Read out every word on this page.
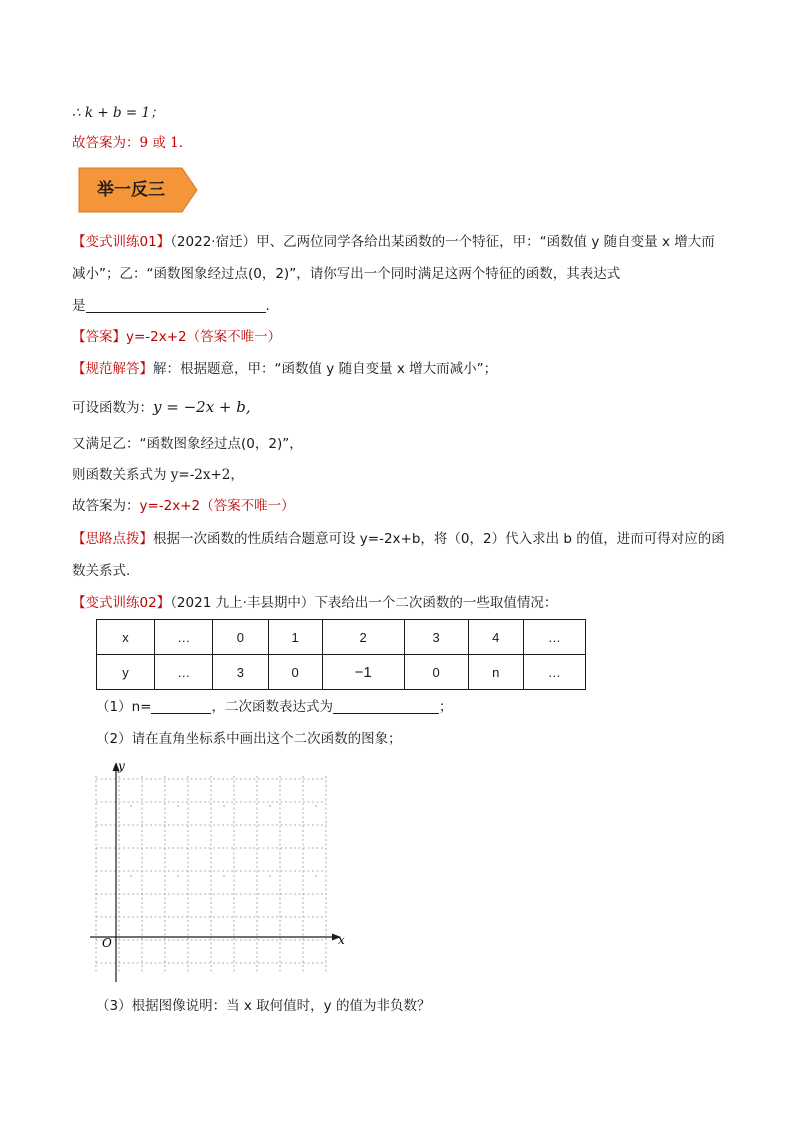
∴ k + b = 1；
故答案为：9 或 1.
举一反三
【变式训练01】（2022·宿迁）甲、乙两位同学各给出某函数的一个特征，甲：“函数值 y 随自变量 x 增大而
减小”；乙：“函数图象经过点(0，2)”，请你写出一个同时满足这两个特征的函数，其表达式
是	.
【答案】y=-2x+2（答案不唯一）
【规范解答】解：根据题意，甲：“函数值 y 随自变量 x 增大而减小”；
可设函数为：y = −2x + b,
又满足乙：“函数图象经过点(0，2)”，
则函数关系式为 y=-2x+2，
故答案为：y=-2x+2（答案不唯一）
【思路点拨】根据一次函数的性质结合题意可设 y=-2x+b，将（0，2）代入求出 b 的值，进而可得对应的函
数关系式.
【变式训练02】（2021 九上·丰县期中）下表给出一个二次函数的一些取值情况：
x	…	0	1	2	3	4	…
y	…	3	0	−1	0	n	…
（1）n=	，二次函数表达式为	；
（2）请在直角坐标系中画出这个二次函数的图象；
y
x
O
（3）根据图像说明：当 x 取何值时，y 的值为非负数？
